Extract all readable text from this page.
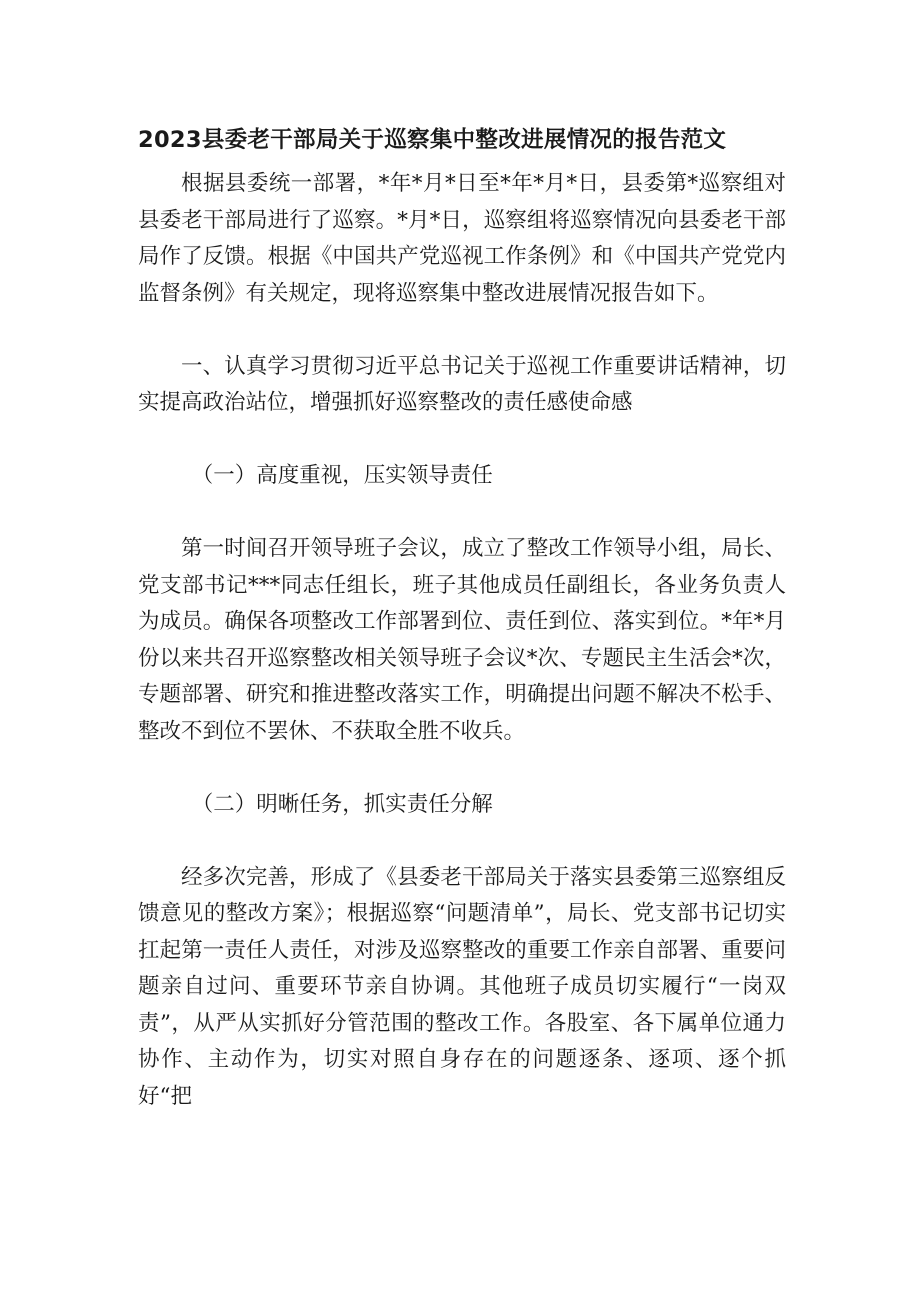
2023县委老干部局关于巡察集中整改进展情况的报告范文

根据县委统一部署，*年*月*日至*年*月*日，县委第*巡察组对县委老干部局进行了巡察。*月*日，巡察组将巡察情况向县委老干部局作了反馈。根据《中国共产党巡视工作条例》和《中国共产党党内监督条例》有关规定，现将巡察集中整改进展情况报告如下。

一、认真学习贯彻习近平总书记关于巡视工作重要讲话精神，切实提高政治站位，增强抓好巡察整改的责任感使命感

（一）高度重视，压实领导责任

第一时间召开领导班子会议，成立了整改工作领导小组，局长、党支部书记***同志任组长，班子其他成员任副组长，各业务负责人为成员。确保各项整改工作部署到位、责任到位、落实到位。*年*月份以来共召开巡察整改相关领导班子会议*次、专题民主生活会*次，专题部署、研究和推进整改落实工作，明确提出问题不解决不松手、整改不到位不罢休、不获取全胜不收兵。

（二）明晰任务，抓实责任分解

经多次完善，形成了《县委老干部局关于落实县委第三巡察组反馈意见的整改方案》；根据巡察“问题清单”，局长、党支部书记切实扛起第一责任人责任，对涉及巡察整改的重要工作亲自部署、重要问题亲自过问、重要环节亲自协调。其他班子成员切实履行“一岗双责”，从严从实抓好分管范围的整改工作。各股室、各下属单位通力协作、主动作为，切实对照自身存在的问题逐条、逐项、逐个抓好“把
